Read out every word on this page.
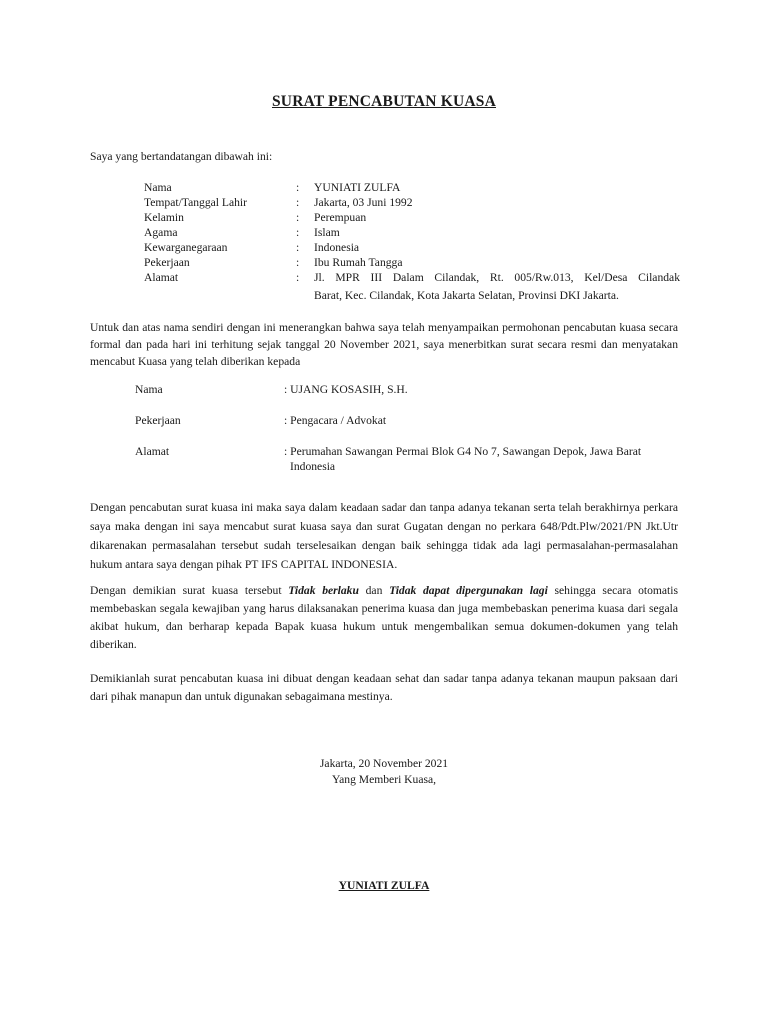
SURAT PENCABUTAN KUASA
Saya yang bertandatangan dibawah ini:
Nama	: YUNIATI ZULFA
Tempat/Tanggal Lahir	: Jakarta, 03 Juni 1992
Kelamin	: Perempuan
Agama	: Islam
Kewarganegaraan	: Indonesia
Pekerjaan	: Ibu Rumah Tangga
Alamat	: Jl. MPR III Dalam Cilandak, Rt. 005/Rw.013, Kel/Desa Cilandak
Barat, Kec. Cilandak, Kota Jakarta Selatan, Provinsi DKI Jakarta.

Untuk dan atas nama sendiri dengan ini menerangkan bahwa saya telah menyampaikan permohonan pencabutan kuasa secara formal dan pada hari ini terhitung sejak tanggal 20 November 2021, saya menerbitkan surat secara resmi dan menyatakan mencabut Kuasa yang telah diberikan kepada

Nama	: UJANG KOSASIH, S.H.
Pekerjaan	: Pengacara / Advokat
Alamat	: Perumahan Sawangan Permai Blok G4 No 7, Sawangan Depok, Jawa Barat
Indonesia

Dengan pencabutan surat kuasa ini maka saya dalam keadaan sadar dan tanpa adanya tekanan serta telah berakhirnya perkara saya maka dengan ini saya mencabut surat kuasa saya dan surat Gugatan dengan no perkara 648/Pdt.Plw/2021/PN Jkt.Utr dikarenakan permasalahan tersebut sudah terselesaikan dengan baik sehingga tidak ada lagi permasalahan-permasalahan hukum antara saya dengan pihak PT IFS CAPITAL INDONESIA.

Dengan demikian surat kuasa tersebut Tidak berlaku dan Tidak dapat dipergunakan lagi sehingga secara otomatis membebaskan segala kewajiban yang harus dilaksanakan penerima kuasa dan juga membebaskan penerima kuasa dari segala akibat hukum, dan berharap kepada Bapak kuasa hukum untuk mengembalikan semua dokumen-dokumen yang telah diberikan.

Demikianlah surat pencabutan kuasa ini dibuat dengan keadaan sehat dan sadar tanpa adanya tekanan maupun paksaan dari dari pihak manapun dan untuk digunakan sebagaimana mestinya.

Jakarta, 20 November 2021
Yang Memberi Kuasa,
YUNIATI ZULFA
